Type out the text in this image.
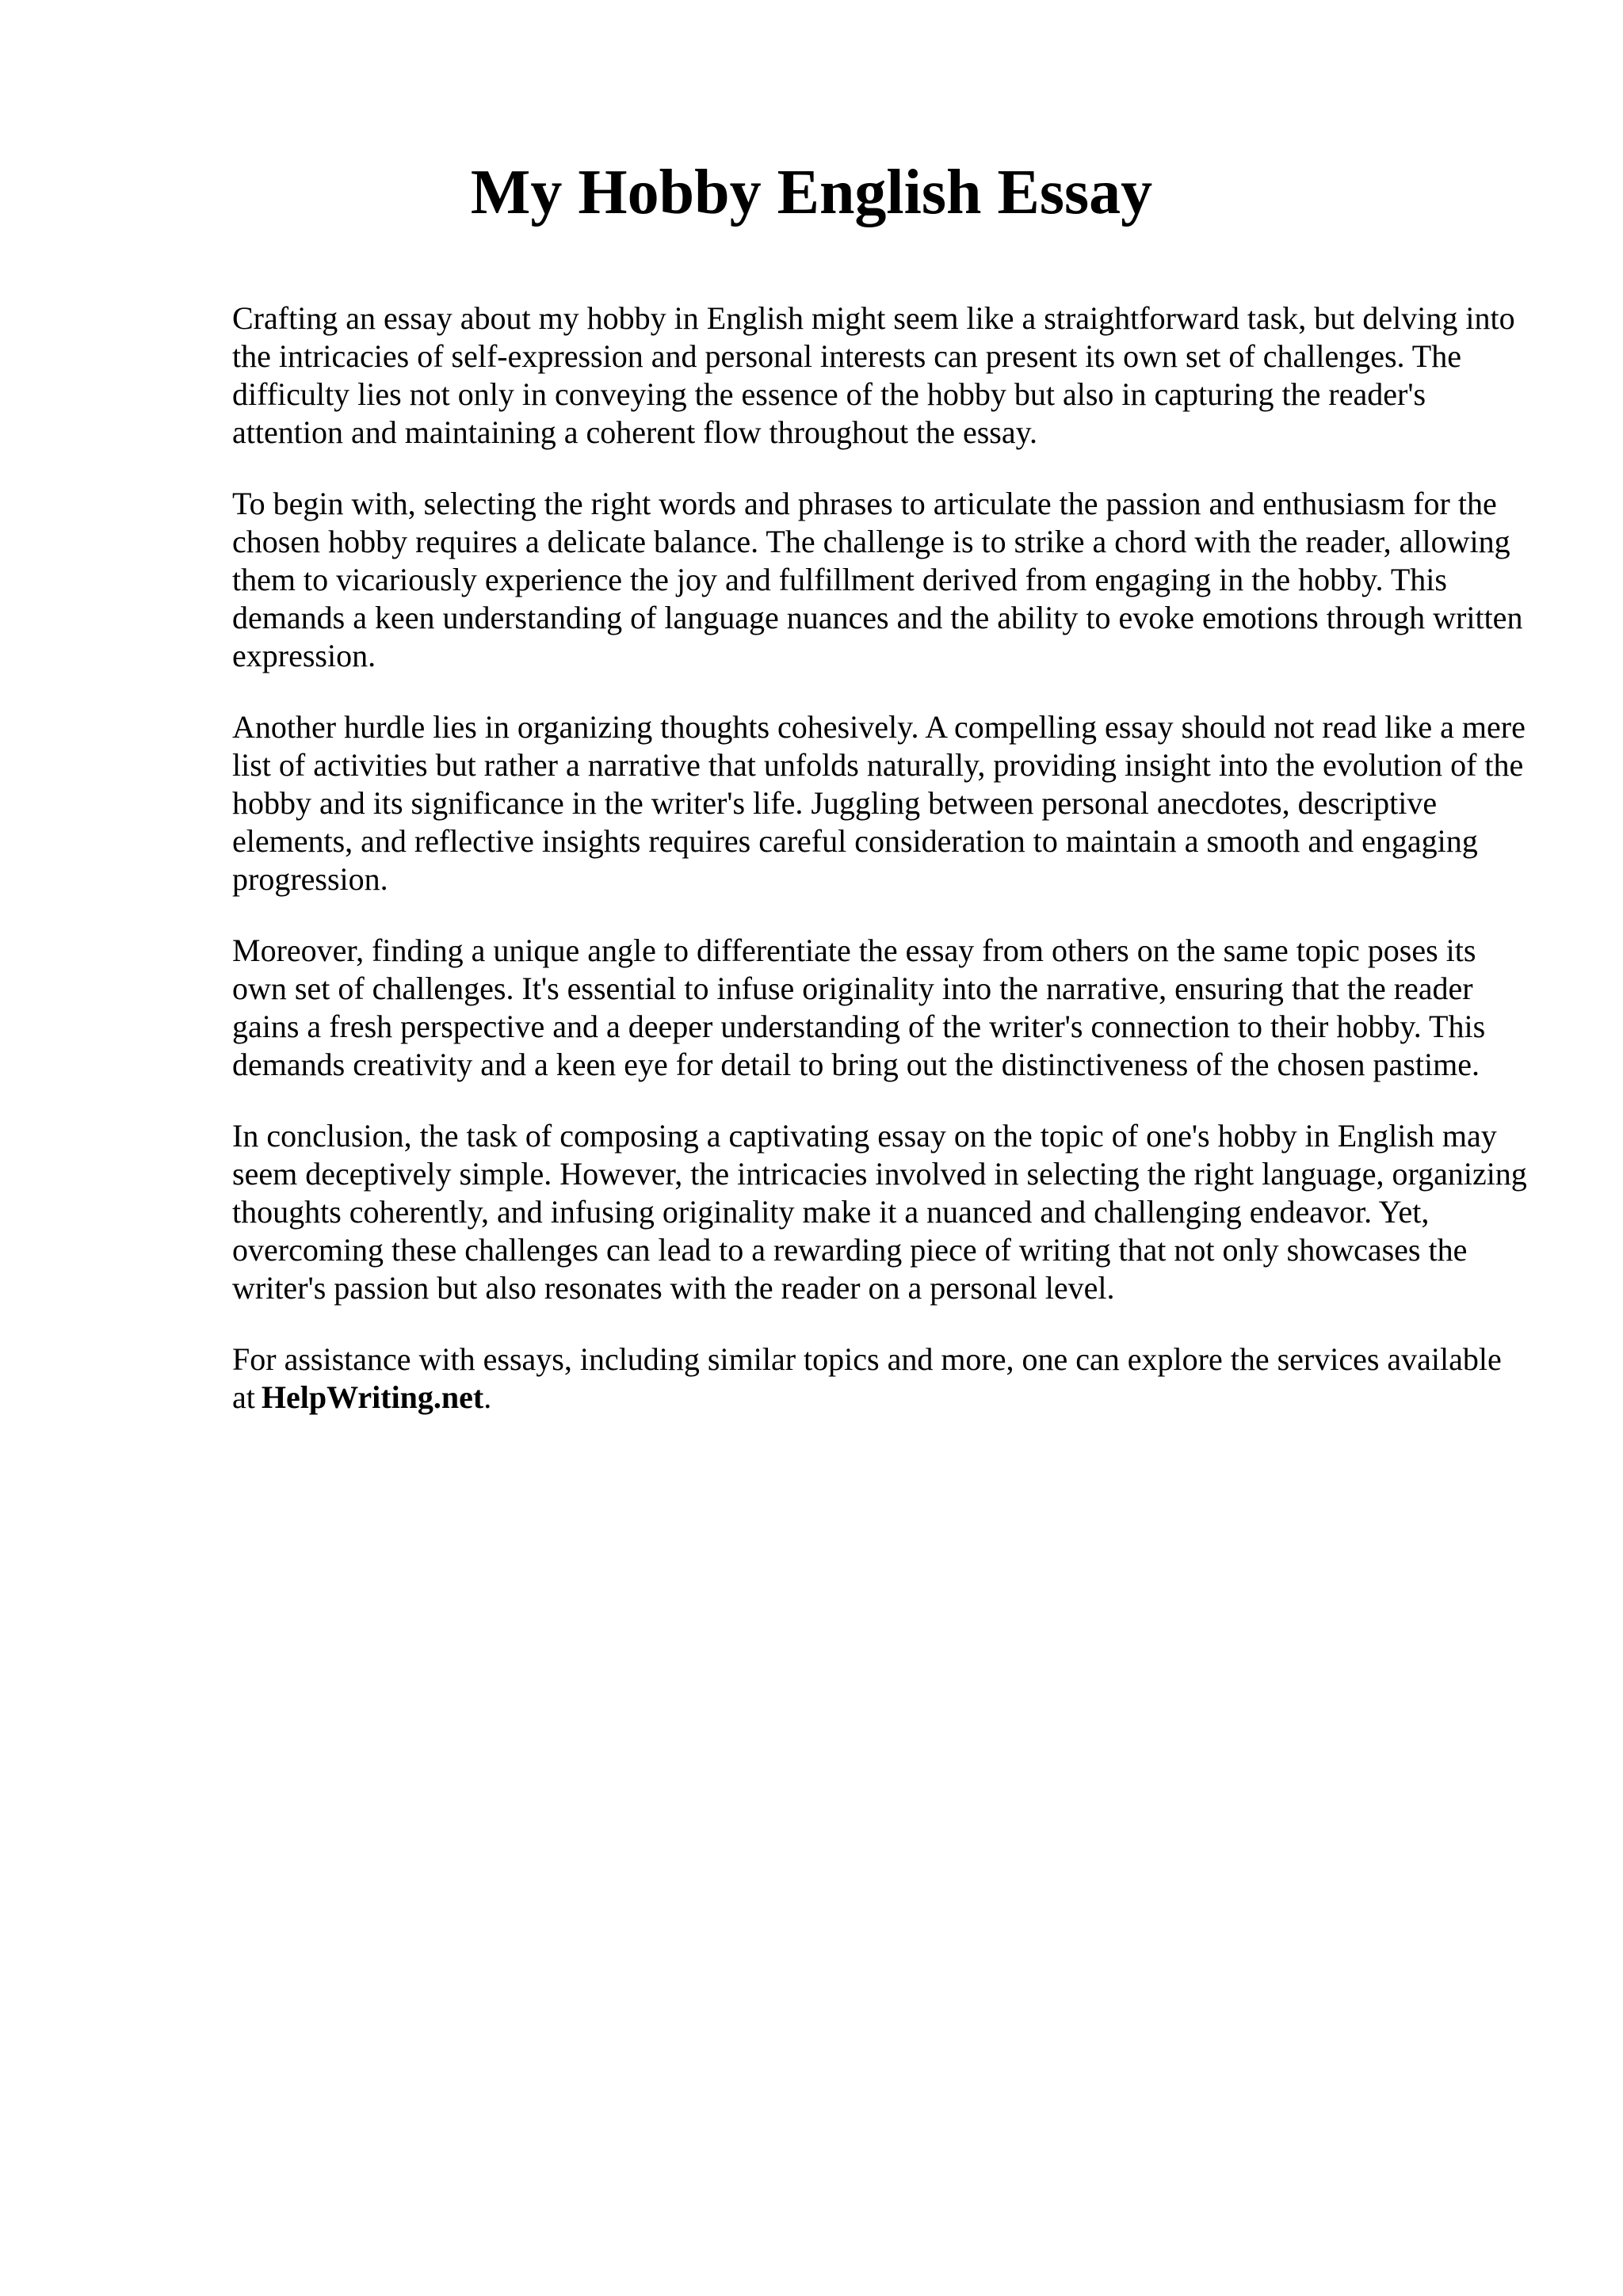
My Hobby English Essay

Crafting an essay about my hobby in English might seem like a straightforward task, but delving into the intricacies of self-expression and personal interests can present its own set of challenges. The difficulty lies not only in conveying the essence of the hobby but also in capturing the reader's attention and maintaining a coherent flow throughout the essay.

To begin with, selecting the right words and phrases to articulate the passion and enthusiasm for the chosen hobby requires a delicate balance. The challenge is to strike a chord with the reader, allowing them to vicariously experience the joy and fulfillment derived from engaging in the hobby. This demands a keen understanding of language nuances and the ability to evoke emotions through written expression.

Another hurdle lies in organizing thoughts cohesively. A compelling essay should not read like a mere list of activities but rather a narrative that unfolds naturally, providing insight into the evolution of the hobby and its significance in the writer's life. Juggling between personal anecdotes, descriptive elements, and reflective insights requires careful consideration to maintain a smooth and engaging progression.

Moreover, finding a unique angle to differentiate the essay from others on the same topic poses its own set of challenges. It's essential to infuse originality into the narrative, ensuring that the reader gains a fresh perspective and a deeper understanding of the writer's connection to their hobby. This demands creativity and a keen eye for detail to bring out the distinctiveness of the chosen pastime.

In conclusion, the task of composing a captivating essay on the topic of one's hobby in English may seem deceptively simple. However, the intricacies involved in selecting the right language, organizing thoughts coherently, and infusing originality make it a nuanced and challenging endeavor. Yet, overcoming these challenges can lead to a rewarding piece of writing that not only showcases the writer's passion but also resonates with the reader on a personal level.

For assistance with essays, including similar topics and more, one can explore the services available at HelpWriting.net.
